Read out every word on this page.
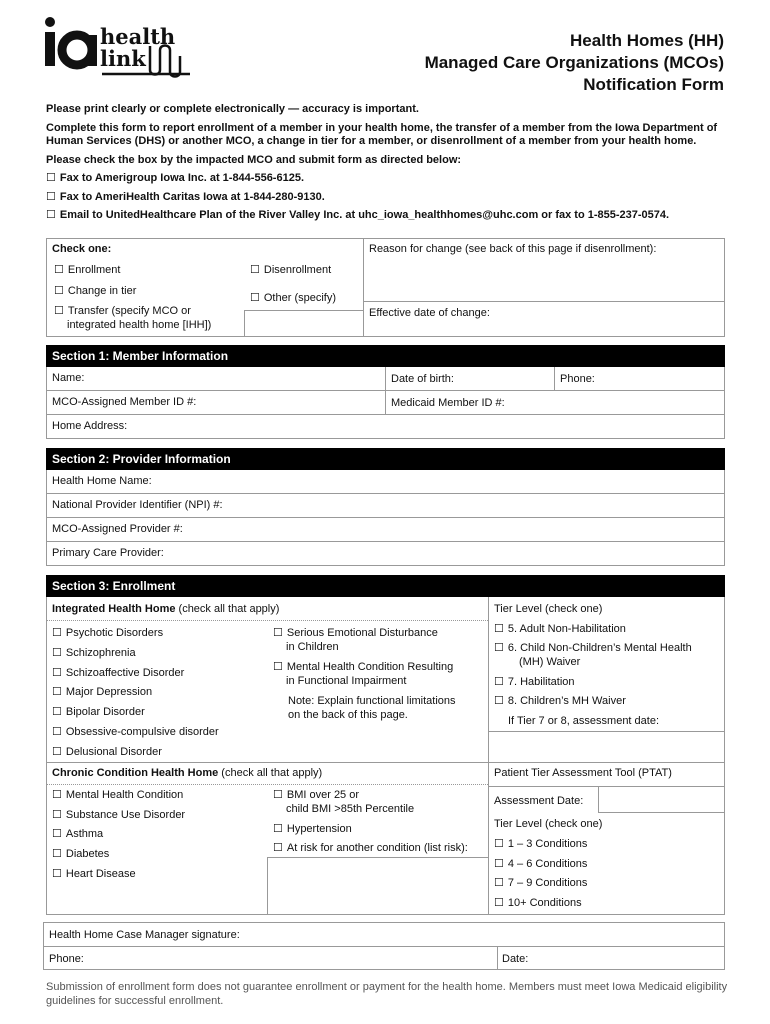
health
link
Health Homes (HH)
Managed Care Organizations (MCOs)
Notification Form

Please print clearly or complete electronically — accuracy is important.

Complete this form to report enrollment of a member in your health home, the transfer of a member from the Iowa Department of Human Services (DHS) or another MCO, a change in tier for a member, or disenrollment of a member from your health home.

Please check the box by the impacted MCO and submit form as directed below:

☐ Fax to Amerigroup Iowa Inc. at 1-844-556-6125.
☐ Fax to AmeriHealth Caritas Iowa at 1-844-280-9130.
☐ Email to UnitedHealthcare Plan of the River Valley Inc. at uhc_iowa_healthhomes@uhc.com or fax to 1-855-237-0574.
Check one:
☐ Enrollment
☐	Disenrollment
☐ Change in tier
☐ Other (specify)
☐ Transfer (specify MCO or
integrated health home [IHH])
Reason for change (see back of this page if disenrollment):
Effective date of change:
Section 1: Member Information
Name:
MCO-Assigned Member ID #:
Home Address:
Date of birth:	Phone:
Medicaid Member ID #:
Section 2: Provider Information
Health Home Name:
National Provider Identifier (NPI) #:
MCO-Assigned Provider #:
Primary Care Provider:
Section 3: Enrollment
Integrated Health Home (check all that apply)
☐ Psychotic Disorders
☐ Schizophrenia
☐ Schizoaffective Disorder
☐ Major Depression
☐ Bipolar Disorder
☐ Obsessive-compulsive disorder
☐ Delusional Disorder
☐ Serious Emotional Disturbance
in Children
☐ Mental Health Condition Resulting
in Functional Impairment
Note: Explain functional limitations
on the back of this page.
Tier Level (check one)
☐ 5. Adult Non-Habilitation
☐ 6. Child Non-Children’s Mental Health
(MH) Waiver
☐ 7. Habilitation
☐ 8. Children’s MH Waiver
If Tier 7 or 8, assessment date:
Chronic Condition Health Home (check all that apply)
☐ Mental Health Condition
☐ Substance Use Disorder
☐ Asthma
☐ Diabetes
☐ Heart Disease
☐ BMI over 25 or
child BMI >85th Percentile
☐ Hypertension
☐ At risk for another condition (list risk):
Patient Tier Assessment Tool (PTAT)
Assessment Date:
Tier Level (check one)
☐ 1 – 3 Conditions
☐ 4 – 6 Conditions
☐ 7 – 9 Conditions
☐ 10+ Conditions
Health Home Case Manager signature:
Phone:	Date:
Submission of enrollment form does not guarantee enrollment or payment for the health home. Members must meet Iowa Medicaid eligibility guidelines for successful enrollment.
